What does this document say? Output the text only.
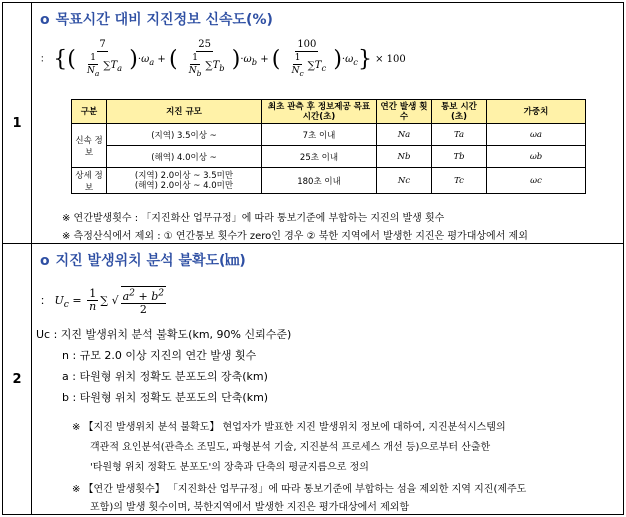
1
o 목표시간 대비 지진정보 신속도(%)
： {( $\frac{7}{\frac{1}{N_a} \sum T_a} )\cdot\omega_a$ + ( $\frac{25}{\frac{1}{N_b} \sum T_b} )\cdot\omega_b$ + ( $\frac{100}{\frac{1}{N_c} \sum T_c} )\cdot\omega_c\} \times 100$
구분	지진 규모	최초 관측 후 정보제공 목표시간(초)	연간 발생 횟수	통보 시간(초)	가중치
신속 정보	(지역) 3.5이상 ~	7초 이내	Na	Ta	ωa
	(해역) 4.0이상 ~	25초 이내	Nb	Tb	ωb
상세 정보	(지역) 2.0이상 ~ 3.5미만
(해역) 2.0이상 ~ 4.0미만	180초 이내	Nc	Tc	ωc
※ 연간발생횟수 : 「지진화산 업무규정」에 따라 통보기준에 부합하는 지진의 발생 횟수
※ 측정산식에서 제외 : ① 연간통보 횟수가 zero인 경우 ② 북한 지역에서 발생한 지진은 평가대상에서 제외
2
o 지진 발생위치 분석 불확도(㎞)
： $U_c = \frac{1}{n}$ ∑ √ $\frac{a^2 + b^2}{2}$
Uc : 지진 발생위치 분석 불확도(km, 90% 신뢰수준)
n : 규모 2.0 이상 지진의 연간 발생 횟수
a : 타원형 위치 정확도 분포도의 장축(km)
b : 타원형 위치 정확도 분포도의 단축(km)
※ 【지진 발생위치 분석 불확도】 현업자가 발표한 지진 발생위치 정보에 대하여, 지진분석시스템의
객관적 요인분석(관측소 조밀도, 파형분석 기술, 지진분석 프로세스 개선 등)으로부터 산출한
'타원형 위치 정확도 분포도'의 장축과 단축의 평균지름으로 정의
※ 【연간 발생횟수】 「지진화산 업무규정」에 따라 통보기준에 부합하는 섬을 제외한 지역 지진(제주도
포함)의 발생 횟수이며, 북한지역에서 발생한 지진은 평가대상에서 제외함
